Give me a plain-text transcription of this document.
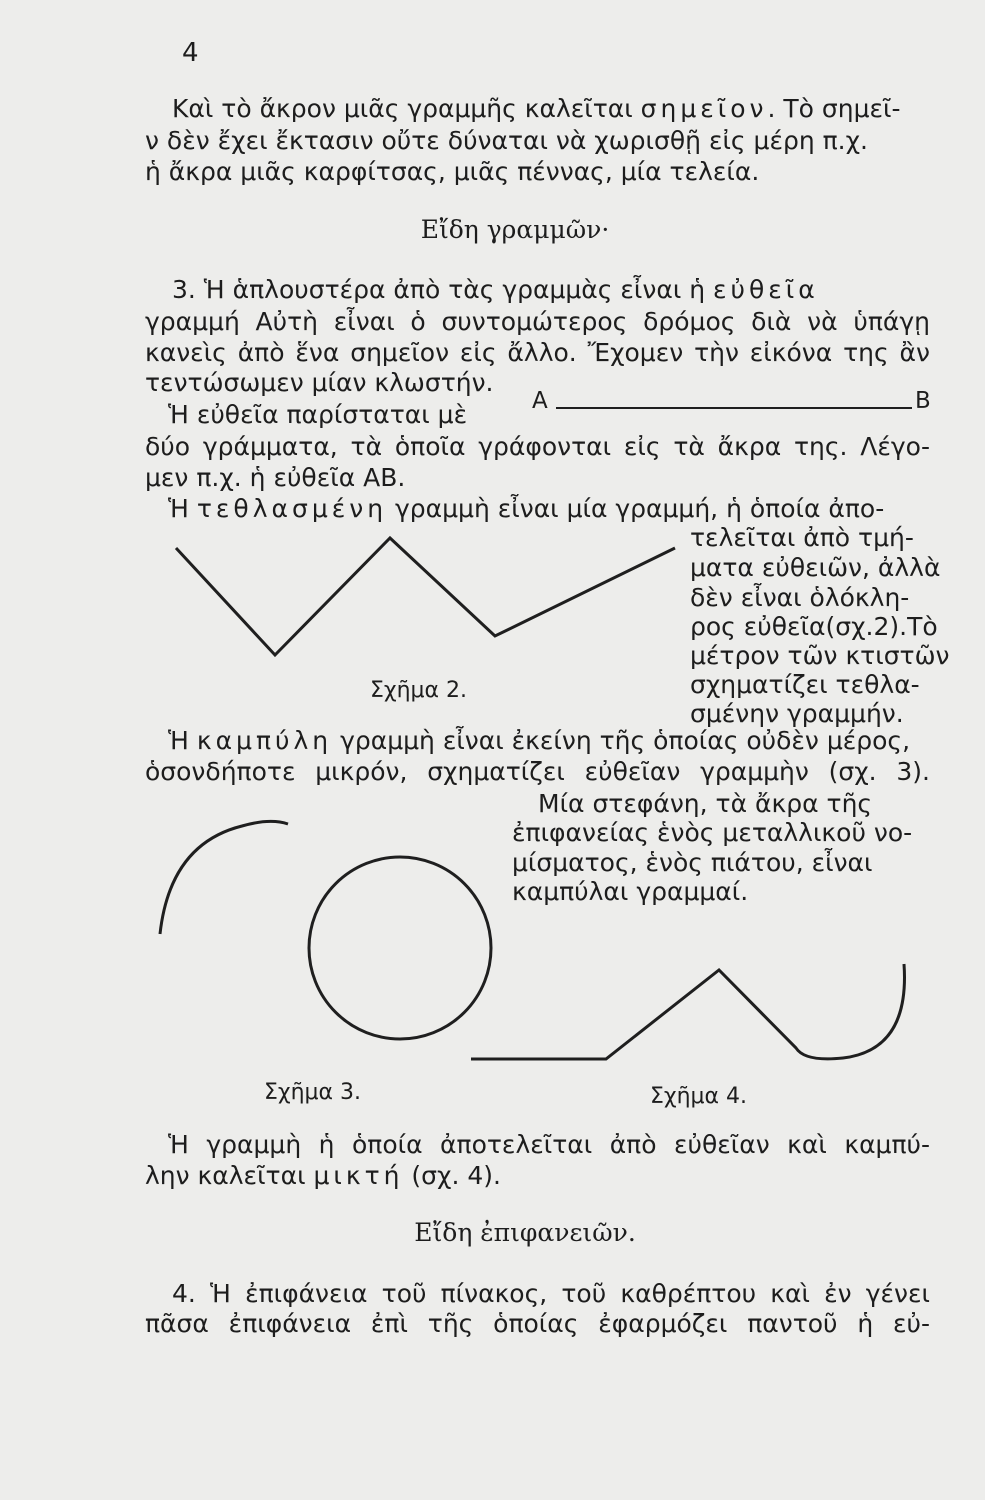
4
Καὶ τὸ ἄκρον μιᾶς γραμμῆς καλεῖται σημεῖον. Τὸ σημεῖ-
ν δὲν ἔχει ἔκτασιν οὔτε δύναται νὰ χωρισθῇ εἰς μέρη π.χ.
ἡ ἄκρα μιᾶς καρφίτσας, μιᾶς πέννας, μία τελεία.
Εἴδη γραμμῶν·
3. Ἡ ἁπλουστέρα ἀπὸ τὰς γραμμὰς εἶναι ἡ εὐθεῖα
γραμμή Αὐτὴ εἶναι ὁ συντομώτερος δρόμος διὰ νὰ ὑπάγῃ
κανεὶς ἀπὸ ἕνα σημεῖον εἰς ἄλλο. Ἔχομεν τὴν εἰκόνα της ἂν
τεντώσωμεν μίαν κλωστήν.
Ἡ εὐθεῖα παρίσταται μὲ
δύο γράμματα, τὰ ὁποῖα γράφονται εἰς τὰ ἄκρα της. Λέγο-
μεν π.χ. ἡ εὐθεῖα ΑΒ.
Α	Β
Ἡ τεθλασμένη γραμμὴ εἶναι μία γραμμή, ἡ ὁποία ἀπο-
τελεῖται ἀπὸ τμή-
ματα εὐθειῶν, ἀλλὰ
δὲν εἶναι ὁλόκλη-
ρος εὐθεῖα(σχ.2).Τὸ
μέτρον τῶν κτιστῶν
σχηματίζει τεθλα-
σμένην γραμμήν.
Σχῆμα 2.
Ἡ καμπύλη γραμμὴ εἶναι ἐκείνη τῆς ὁποίας οὐδὲν μέρος,
ὁσονδήποτε μικρόν, σχηματίζει εὐθεῖαν γραμμὴν (σχ. 3).
Μία στεφάνη, τὰ ἄκρα τῆς
ἐπιφανείας ἑνὸς μεταλλικοῦ νο-
μίσματος, ἑνὸς πιάτου, εἶναι
καμπύλαι γραμμαί.
Σχῆμα 3.	Σχῆμα 4.
Ἡ γραμμὴ ἡ ὁποία ἀποτελεῖται ἀπὸ εὐθεῖαν καὶ καμπύ-
λην καλεῖται μικτή (σχ. 4).
Εἴδη ἐπιφανειῶν.
4. Ἡ ἐπιφάνεια τοῦ πίνακος, τοῦ καθρέπτου καὶ ἐν γένει
πᾶσα ἐπιφάνεια ἐπὶ τῆς ὁποίας ἐφαρμόζει παντοῦ ἡ εὐ-
